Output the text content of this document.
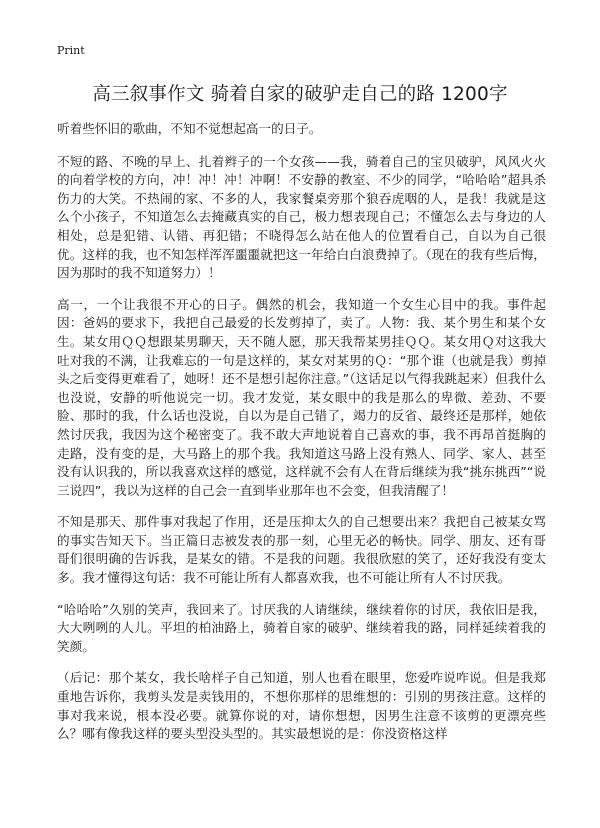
Print
高三叙事作文 骑着自家的破驴走自己的路 1200字

听着些怀旧的歌曲，不知不觉想起高一的日子。

不短的路、不晚的早上、扎着辫子的一个女孩——我，骑着自己的宝贝破驴，风风火火的向着学校的方向，冲！冲！冲！冲啊！不安静的教室、不少的同学，“哈哈哈”超具杀伤力的大笑。不热闹的家、不多的人，我家餐桌旁那个狼吞虎咽的人，是我！我就是这么个小孩子，不知道怎么去掩藏真实的自己，极力想表现自己；不懂怎么去与身边的人相处，总是犯错、认错、再犯错；不晓得怎么站在他人的位置看自己，自以为自己很优。这样的我，也不知怎样浑浑噩噩就把这一年给白白浪费掉了。（现在的我有些后悔，因为那时的我不知道努力）！

高一，一个让我很不开心的日子。偶然的机会，我知道一个女生心目中的我。事件起因：爸妈的要求下，我把自己最爱的长发剪掉了，卖了。人物：我、某个男生和某个女生。某女用ＱＱ想跟某男聊天，天不随人愿，那天我帮某男挂ＱＱ。某女用Ｑ对这我大吐对我的不满，让我难忘的一句是这样的，某女对某男的Ｑ：“那个谁（也就是我）剪掉头之后变得更难看了，她呀！还不是想引起你注意。”（这话足以气得我跳起来）但我什么也没说，安静的听他说完一切。我才发觉，某女眼中的我是那么的卑微、差劲、不要脸、那时的我，什么话也没说，自以为是自己错了，竭力的反省、最终还是那样，她依然讨厌我，我因为这个秘密变了。我不敢大声地说着自己喜欢的事，我不再昂首挺胸的走路，没有变的是，大马路上的那个我。我知道这马路上没有熟人、同学、家人、甚至没有认识我的，所以我喜欢这样的感觉，这样就不会有人在背后继续为我“挑东挑西”“说三说四”，我以为这样的自己会一直到毕业那年也不会变，但我清醒了！

不知是那天、那件事对我起了作用，还是压抑太久的自己想要出来？我把自己被某女骂的事实告知天下。当正篇日志被发表的那一刻，心里无必的畅快。同学、朋友、还有哥哥们很明确的告诉我，是某女的错。不是我的问题。我很欣慰的笑了，还好我没有变太多。我才懂得这句话：我不可能让所有人都喜欢我，也不可能让所有人不讨厌我。

“哈哈哈”久别的笑声，我回来了。讨厌我的人请继续，继续着你的讨厌，我依旧是我，大大咧咧的人儿。平坦的柏油路上，骑着自家的破驴、继续着我的路，同样延续着我的笑颜。

（后记：那个某女，我长啥样子自己知道，别人也看在眼里，您爱咋说咋说。但是我郑重地告诉你，我剪头发是卖钱用的，不想你那样的思维想的：引别的男孩注意。这样的事对我来说，根本没必要。就算你说的对，请你想想，因男生注意不该剪的更漂亮些么？哪有像我这样的要头型没头型的。其实最想说的是：你没资格这样
